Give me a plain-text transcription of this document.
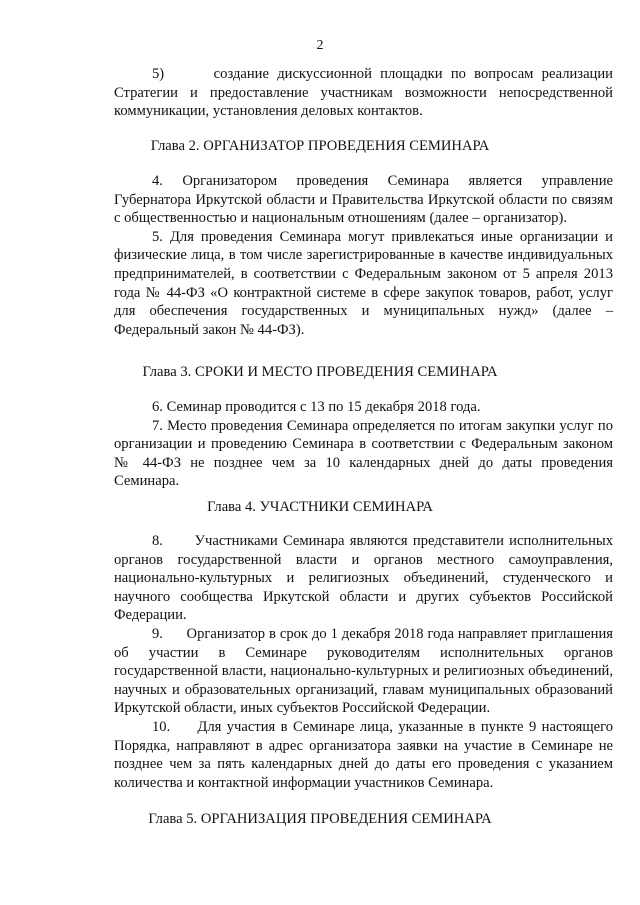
2

5)      создание дискуссионной площадки по вопросам реализации Стратегии и предоставление участникам возможности непосредственной коммуникации, установления деловых контактов.

Глава 2. ОРГАНИЗАТОР ПРОВЕДЕНИЯ СЕМИНАРА

4. Организатором проведения Семинара является управление Губернатора Иркутской области и Правительства Иркутской области по связям с общественностью и национальным отношениям (далее – организатор).

5. Для проведения Семинара могут привлекаться иные организации и физические лица, в том числе зарегистрированные в качестве индивидуальных предпринимателей, в соответствии с Федеральным законом от 5 апреля 2013 года № 44-ФЗ «О контрактной системе в сфере закупок товаров, работ, услуг для обеспечения государственных и муниципальных нужд» (далее – Федеральный закон № 44-ФЗ).

Глава 3. СРОКИ И МЕСТО ПРОВЕДЕНИЯ СЕМИНАРА

6. Семинар проводится с 13 по 15 декабря 2018 года.

7. Место проведения Семинара определяется по итогам закупки услуг по организации и проведению Семинара в соответствии с Федеральным законом № 44-ФЗ не позднее чем за 10 календарных дней до даты проведения Семинара.

Глава 4. УЧАСТНИКИ СЕМИНАРА

8.      Участниками Семинара являются представители исполнительных органов государственной власти и органов местного самоуправления, национально-культурных и религиозных объединений, студенческого и научного сообщества Иркутской области и других субъектов Российской Федерации.

9.      Организатор в срок до 1 декабря 2018 года направляет приглашения об участии в Семинаре руководителям исполнительных органов государственной власти, национально-культурных и религиозных объединений, научных и образовательных организаций, главам муниципальных образований Иркутской области, иных субъектов Российской Федерации.

10.     Для участия в Семинаре лица, указанные в пункте 9 настоящего Порядка, направляют в адрес организатора заявки на участие в Семинаре не позднее чем за пять календарных дней до даты его проведения с указанием количества и контактной информации участников Семинара.

Глава 5. ОРГАНИЗАЦИЯ ПРОВЕДЕНИЯ СЕМИНАРА
